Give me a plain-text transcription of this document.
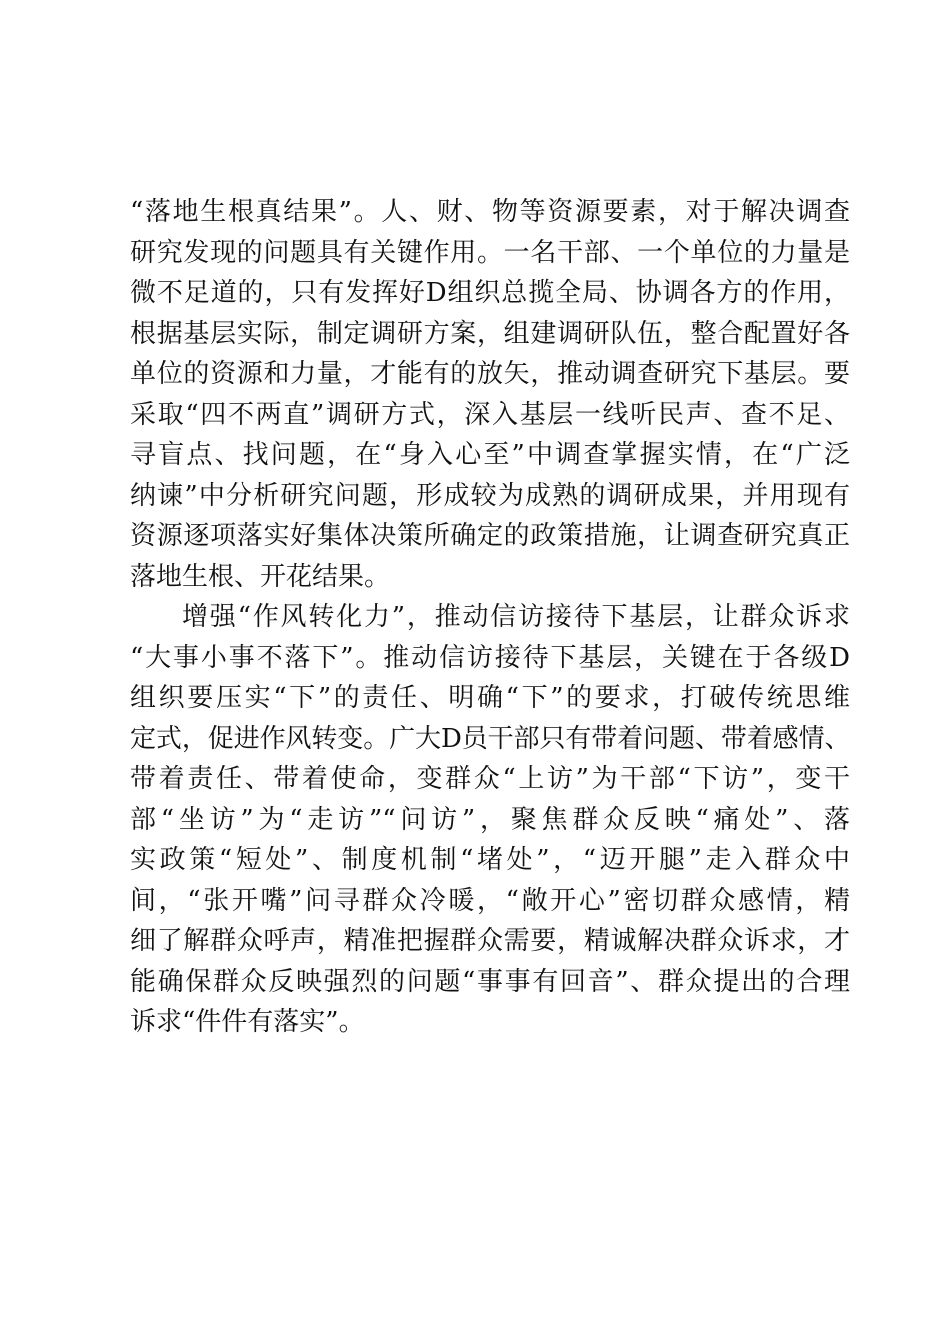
“落地生根真结果”。人、财、物等资源要素，对于解决调查
研究发现的问题具有关键作用。一名干部、一个单位的力量是
微不足道的，只有发挥好D组织总揽全局、协调各方的作用，
根据基层实际，制定调研方案，组建调研队伍，整合配置好各
单位的资源和力量，才能有的放矢，推动调查研究下基层。要
采取“四不两直”调研方式，深入基层一线听民声、查不足、
寻盲点、找问题，在“身入心至”中调查掌握实情，在“广泛
纳谏”中分析研究问题，形成较为成熟的调研成果，并用现有
资源逐项落实好集体决策所确定的政策措施，让调查研究真正
落地生根、开花结果。
增强“作风转化力”，推动信访接待下基层，让群众诉求
“大事小事不落下”。推动信访接待下基层，关键在于各级D
组织要压实“下”的责任、明确“下”的要求，打破传统思维
定式，促进作风转变。广大D员干部只有带着问题、带着感情、
带着责任、带着使命，变群众“上访”为干部“下访”，变干
部“坐访”为“走访”“问访”，聚焦群众反映“痛处”、落
实政策“短处”、制度机制“堵处”，“迈开腿”走入群众中
间，“张开嘴”问寻群众冷暖，“敞开心”密切群众感情，精
细了解群众呼声，精准把握群众需要，精诚解决群众诉求，才
能确保群众反映强烈的问题“事事有回音”、群众提出的合理
诉求“件件有落实”。
